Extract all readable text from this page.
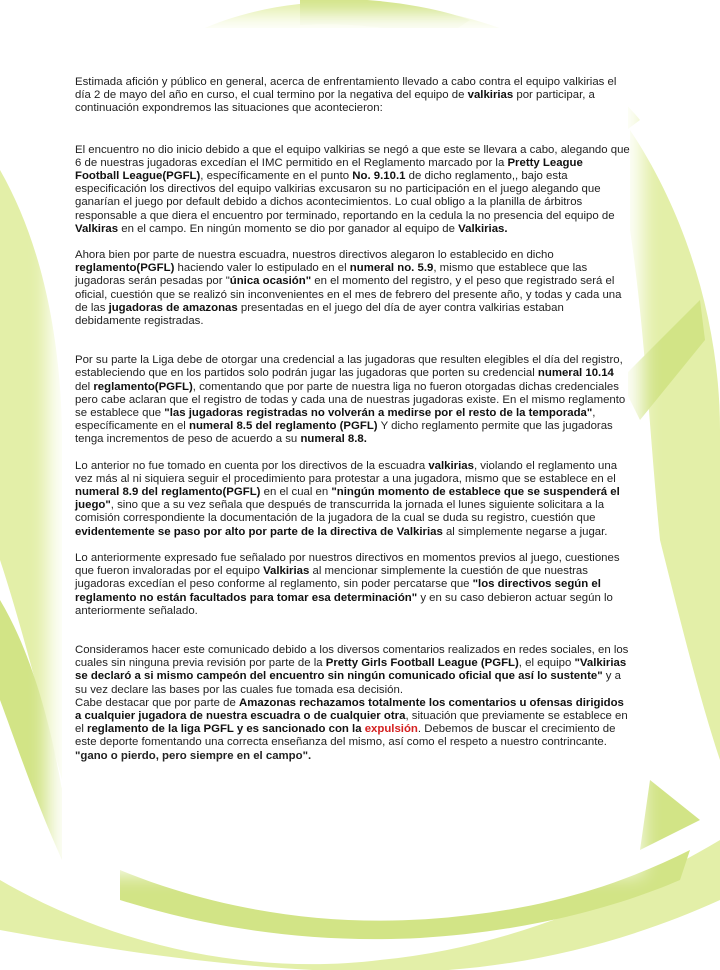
Estimada afición y público en general, acerca de enfrentamiento llevado a cabo contra el equipo valkirias el día 2 de mayo del año en curso, el cual termino por la negativa del equipo de valkirias por participar, a continuación expondremos las situaciones que acontecieron:

El encuentro no dio inicio debido a que el equipo valkirias se negó a que este se llevara a cabo, alegando que 6 de nuestras jugadoras excedían el IMC permitido en el Reglamento marcado por la Pretty League Football League(PGFL), específicamente en el punto No. 9.10.1 de dicho reglamento,, bajo esta especificación los directivos del equipo valkirias excusaron su no participación en el juego alegando que ganarían el juego por default debido a dichos acontecimientos. Lo cual obligo a la planilla de árbitros responsable a que diera el encuentro por terminado, reportando en la cedula la no presencia del equipo de Valkiras en el campo. En ningún momento se dio por ganador al equipo de Valkirias.

Ahora bien por parte de nuestra escuadra, nuestros directivos alegaron lo establecido en dicho reglamento(PGFL) haciendo valer lo estipulado en el numeral no. 5.9, mismo que establece que las jugadoras serán pesadas por "única ocasión" en el momento del registro, y el peso que registrado será el oficial, cuestión que se realizó sin inconvenientes en el mes de febrero del presente año, y todas y cada una de las jugadoras de amazonas presentadas en el juego del día de ayer contra valkirias estaban debidamente registradas.

Por su parte la Liga debe de otorgar una credencial a las jugadoras que resulten elegibles el día del registro, estableciendo que en los partidos solo podrán jugar las jugadoras que porten su credencial numeral 10.14 del reglamento(PGFL), comentando que por parte de nuestra liga no fueron otorgadas dichas credenciales pero cabe aclaran que el registro de todas y cada una de nuestras jugadoras existe. En el mismo reglamento se establece que "las jugadoras registradas no volverán a medirse por el resto de la temporada", específicamente en el numeral 8.5 del reglamento (PGFL) Y dicho reglamento permite que las jugadoras tenga incrementos de peso de acuerdo a su numeral 8.8.

Lo anterior no fue tomado en cuenta por los directivos de la escuadra valkirias, violando el reglamento una vez más al ni siquiera seguir el procedimiento para protestar a una jugadora, mismo que se establece en el numeral 8.9 del reglamento(PGFL) en el cual en "ningún momento de establece que se suspenderá el juego", sino que a su vez señala que después de transcurrida la jornada el lunes siguiente solicitara a la comisión correspondiente la documentación de la jugadora de la cual se duda su registro, cuestión que evidentemente se paso por alto por parte de la directiva de Valkirias al simplemente negarse a jugar.

Lo anteriormente expresado fue señalado por nuestros directivos en momentos previos al juego, cuestiones que fueron invaloradas por el equipo Valkirias al mencionar simplemente la cuestión de que nuestras jugadoras excedían el peso conforme al reglamento, sin poder percatarse que "los directivos según el reglamento no están facultados para tomar esa determinación" y en su caso debieron actuar según lo anteriormente señalado.

Consideramos hacer este comunicado debido a los diversos comentarios realizados en redes sociales, en los cuales sin ninguna previa revisión por parte de la Pretty Girls Football League (PGFL), el equipo "Valkirias se declaró a si mismo campeón del encuentro sin ningún comunicado oficial que así lo sustente" y a su vez declare las bases por las cuales fue tomada esa decisión.

Cabe destacar que por parte de Amazonas rechazamos totalmente los comentarios u ofensas dirigidos a cualquier jugadora de nuestra escuadra o de cualquier otra, situación que previamente se establece en el reglamento de la liga PGFL y es sancionado con la expulsión. Debemos de buscar el crecimiento de este deporte fomentando una correcta enseñanza del mismo, así como el respeto a nuestro contrincante.

"gano o pierdo, pero siempre en el campo".
